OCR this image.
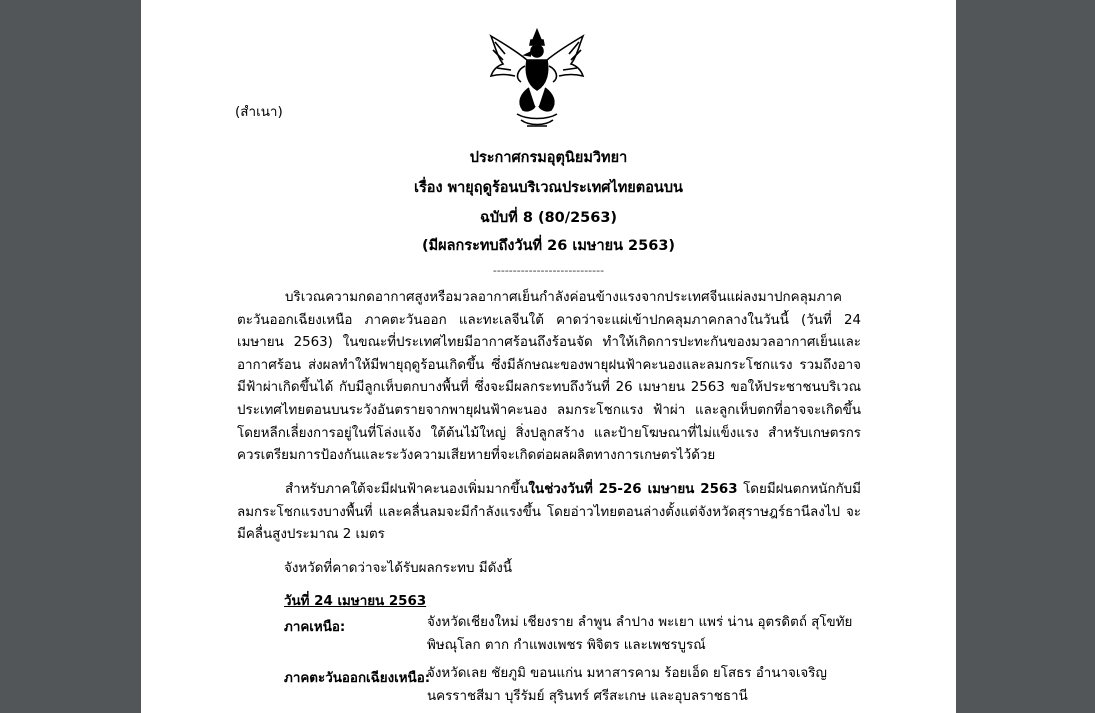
(สำเนา)
ประกาศกรมอุตุนิยมวิทยา
เรื่อง พายุฤดูร้อนบริเวณประเทศไทยตอนบน
ฉบับที่ 8 (80/2563)
(มีผลกระทบถึงวันที่ 26 เมษายน 2563)
----------------------------

บริเวณความกดอากาศสูงหรือมวลอากาศเย็นกำลังค่อนข้างแรงจากประเทศจีนแผ่ลงมาปกคลุมภาคตะวันออกเฉียงเหนือ ภาคตะวันออก และทะเลจีนใต้ คาดว่าจะแผ่เข้าปกคลุมภาคกลางในวันนี้ (วันที่ 24 เมษายน 2563) ในขณะที่ประเทศไทยมีอากาศร้อนถึงร้อนจัด ทำให้เกิดการปะทะกันของมวลอากาศเย็นและอากาศร้อน ส่งผลทำให้มีพายุฤดูร้อนเกิดขึ้น ซึ่งมีลักษณะของพายุฝนฟ้าคะนองและลมกระโชกแรง รวมถึงอาจมีฟ้าผ่าเกิดขึ้นได้ กับมีลูกเห็บตกบางพื้นที่ ซึ่งจะมีผลกระทบถึงวันที่ 26 เมษายน 2563 ขอให้ประชาชนบริเวณประเทศไทยตอนบนระวังอันตรายจากพายุฝนฟ้าคะนอง ลมกระโชกแรง ฟ้าผ่า และลูกเห็บตกที่อาจจะเกิดขึ้น โดยหลีกเลี่ยงการอยู่ในที่โล่งแจ้ง ใต้ต้นไม้ใหญ่ สิ่งปลูกสร้าง และป้ายโฆษณาที่ไม่แข็งแรง สำหรับเกษตรกรควรเตรียมการป้องกันและระวังความเสียหายที่จะเกิดต่อผลผลิตทางการเกษตรไว้ด้วย

สำหรับภาคใต้จะมีฝนฟ้าคะนองเพิ่มมากขึ้นในช่วงวันที่ 25-26 เมษายน 2563 โดยมีฝนตกหนักกับมีลมกระโชกแรงบางพื้นที่ และคลื่นลมจะมีกำลังแรงขึ้น โดยอ่าวไทยตอนล่างตั้งแต่จังหวัดสุราษฎร์ธานีลงไป จะมีคลื่นสูงประมาณ 2 เมตร

จังหวัดที่คาดว่าจะได้รับผลกระทบ มีดังนี้
วันที่ 24 เมษายน 2563
ภาคเหนือ:	จังหวัดเชียงใหม่ เชียงราย ลำพูน ลำปาง พะเยา แพร่ น่าน อุตรดิตถ์ สุโขทัย พิษณุโลก ตาก กำแพงเพชร พิจิตร และเพชรบูรณ์
ภาคตะวันออกเฉียงเหนือ:
จังหวัดเลย ชัยภูมิ ขอนแก่น มหาสารคาม ร้อยเอ็ด ยโสธร อำนาจเจริญ นครราชสีมา บุรีรัมย์ สุรินทร์ ศรีสะเกษ และอุบลราชธานี
